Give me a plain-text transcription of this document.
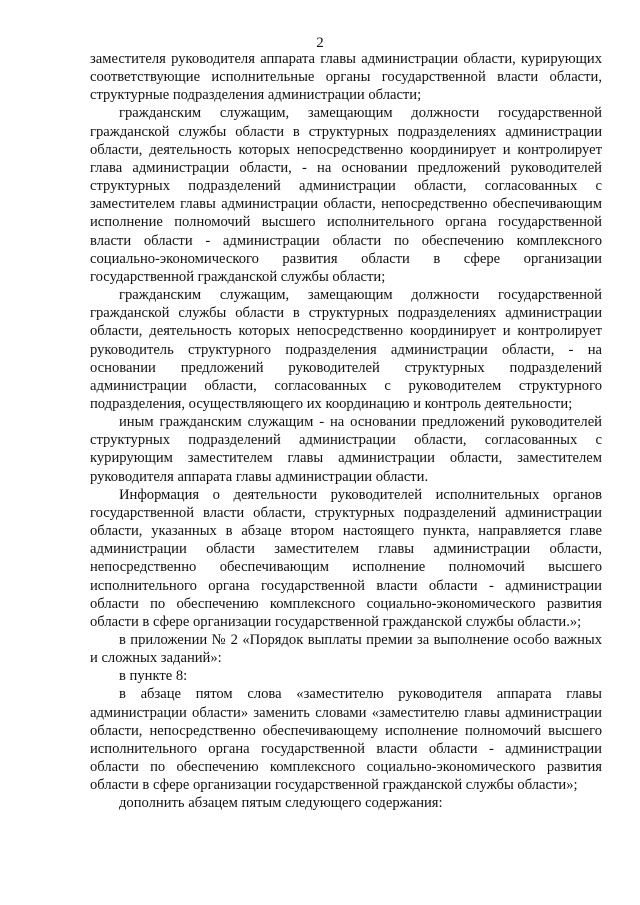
2

заместителя руководителя аппарата главы администрации области, курирующих соответствующие исполнительные органы государственной власти области, структурные подразделения администрации области;

гражданским служащим, замещающим должности государственной гражданской службы области в структурных подразделениях администрации области, деятельность которых непосредственно координирует и контролирует глава администрации области, - на основании предложений руководителей структурных подразделений администрации области, согласованных с заместителем главы администрации области, непосредственно обеспечивающим исполнение полномочий высшего исполнительного органа государственной власти области - администрации области по обеспечению комплексного социально-экономического развития области в сфере организации государственной гражданской службы области;

гражданским служащим, замещающим должности государственной гражданской службы области в структурных подразделениях администрации области, деятельность которых непосредственно координирует и контролирует руководитель структурного подразделения администрации области, - на основании предложений руководителей структурных подразделений администрации области, согласованных с руководителем структурного подразделения, осуществляющего их координацию и контроль деятельности;

иным гражданским служащим - на основании предложений руководителей структурных подразделений администрации области, согласованных с курирующим заместителем главы администрации области, заместителем руководителя аппарата главы администрации области.

Информация о деятельности руководителей исполнительных органов государственной власти области, структурных подразделений администрации области, указанных в абзаце втором настоящего пункта, направляется главе администрации области заместителем главы администрации области, непосредственно обеспечивающим исполнение полномочий высшего исполнительного органа государственной власти области - администрации области по обеспечению комплексного социально-экономического развития области в сфере организации государственной гражданской службы области.»;

в приложении № 2 «Порядок выплаты премии за выполнение особо важных и сложных заданий»:

в пункте 8:

в абзаце пятом слова «заместителю руководителя аппарата главы администрации области» заменить словами «заместителю главы администрации области, непосредственно обеспечивающему исполнение полномочий высшего исполнительного органа государственной власти области - администрации области по обеспечению комплексного социально-экономического развития области в сфере организации государственной гражданской службы области»;

дополнить абзацем пятым следующего содержания:
